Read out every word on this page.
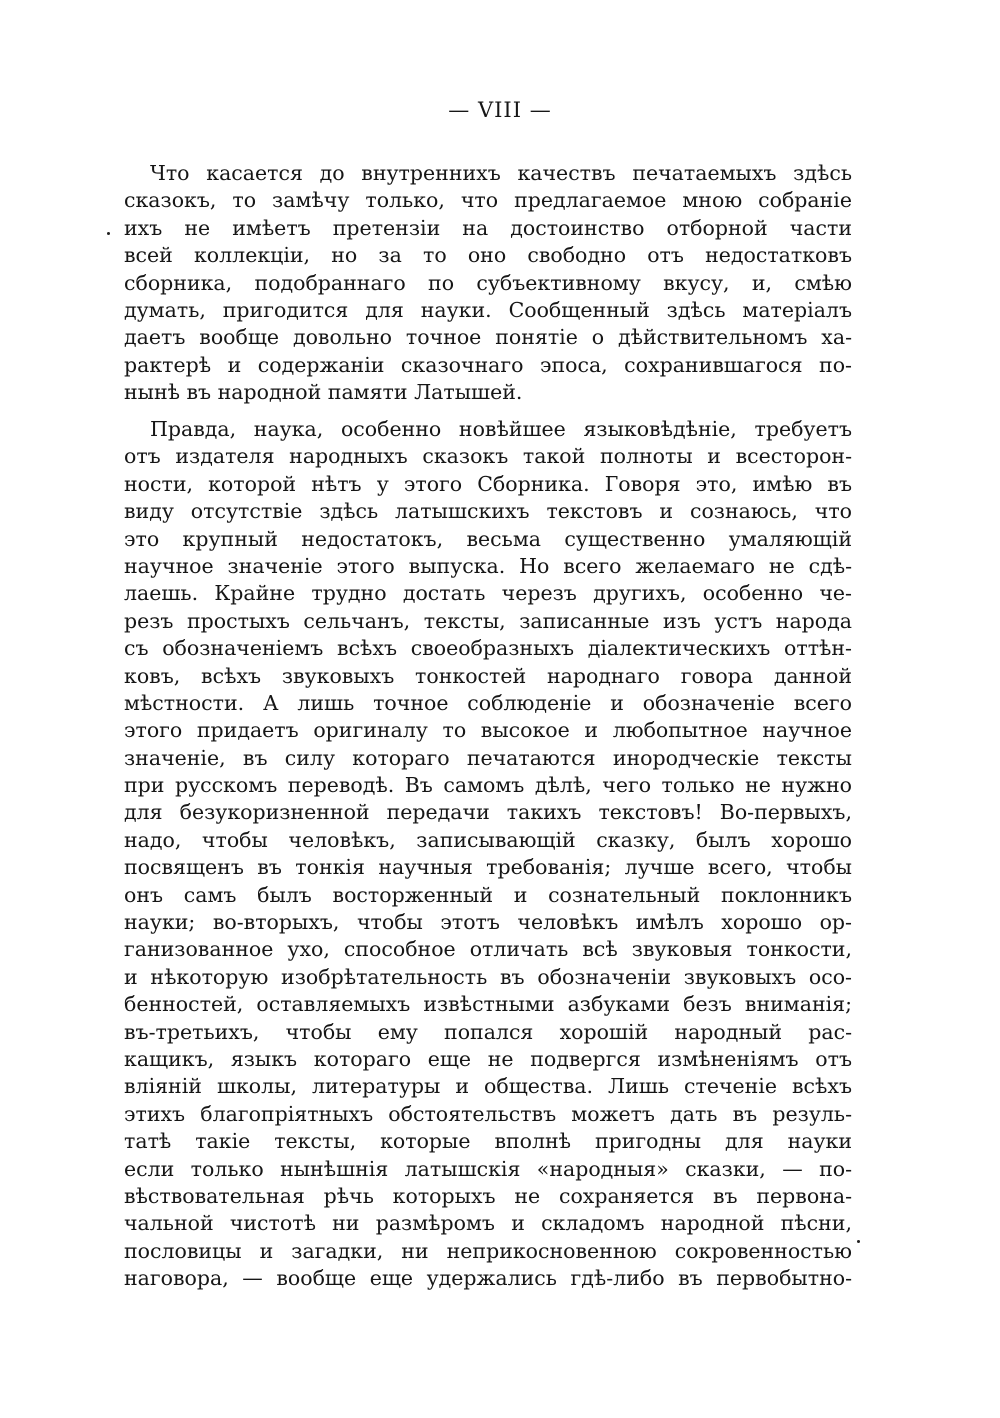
— VIII —
Что касается до внутреннихъ качествъ печатаемыхъ здѣсь
сказокъ, то замѣчу только, что предлагаемое мною собраніе
ихъ не имѣетъ претензіи на достоинство отборной части
всей коллекціи, но за то оно свободно отъ недостатковъ
сборника, подобраннаго по субъективному вкусу, и, смѣю
думать, пригодится для науки. Сообщенный здѣсь матеріалъ
даетъ вообще довольно точное понятіе о дѣйствительномъ ха-
рактерѣ и содержаніи сказочнаго эпоса, сохранившагося по-
нынѣ въ народной памяти Латышей.
Правда, наука, особенно новѣйшее языковѣдѣніе, требуетъ
отъ издателя народныхъ сказокъ такой полноты и всесторон-
ности, которой нѣтъ у этого Сборника. Говоря это, имѣю въ
виду отсутствіе здѣсь латышскихъ текстовъ и сознаюсь, что
это крупный недостатокъ, весьма существенно умаляющій
научное значеніе этого выпуска. Но всего желаемаго не сдѣ-
лаешь. Крайне трудно достать черезъ другихъ, особенно че-
резъ простыхъ сельчанъ, тексты, записанные изъ устъ народа
съ обозначеніемъ всѣхъ своеобразныхъ діалектическихъ оттѣн-
ковъ, всѣхъ звуковыхъ тонкостей народнаго говора данной
мѣстности. А лишь точное соблюденіе и обозначеніе всего
этого придаетъ оригиналу то высокое и любопытное научное
значеніе, въ силу котораго печатаются инородческіе тексты
при русскомъ переводѣ. Въ самомъ дѣлѣ, чего только не нужно
для безукоризненной передачи такихъ текстовъ! Во-первыхъ,
надо, чтобы человѣкъ, записывающій сказку, былъ хорошо
посвященъ въ тонкія научныя требованія; лучше всего, чтобы
онъ самъ былъ восторженный и сознательный поклонникъ
науки; во-вторыхъ, чтобы этотъ человѣкъ имѣлъ хорошо ор-
ганизованное ухо, способное отличать всѣ звуковыя тонкости,
и нѣкоторую изобрѣтательность въ обозначеніи звуковыхъ осо-
бенностей, оставляемыхъ извѣстными азбуками безъ вниманія;
въ-третьихъ, чтобы ему попался хорошій народный рас-
кащикъ, языкъ котораго еще не подвергся измѣненіямъ отъ
вліяній школы, литературы и общества. Лишь стеченіе всѣхъ
этихъ благопріятныхъ обстоятельствъ можетъ дать въ резуль-
татѣ такіе тексты, которые вполнѣ пригодны для науки
если только нынѣшнія латышскія «народныя» сказки, — по-
вѣствовательная рѣчь которыхъ не сохраняется въ первона-
чальной чистотѣ ни размѣромъ и складомъ народной пѣсни,
пословицы и загадки, ни неприкосновенною сокровенностью
наговора, — вообще еще удержались гдѣ-либо въ первобытно-
